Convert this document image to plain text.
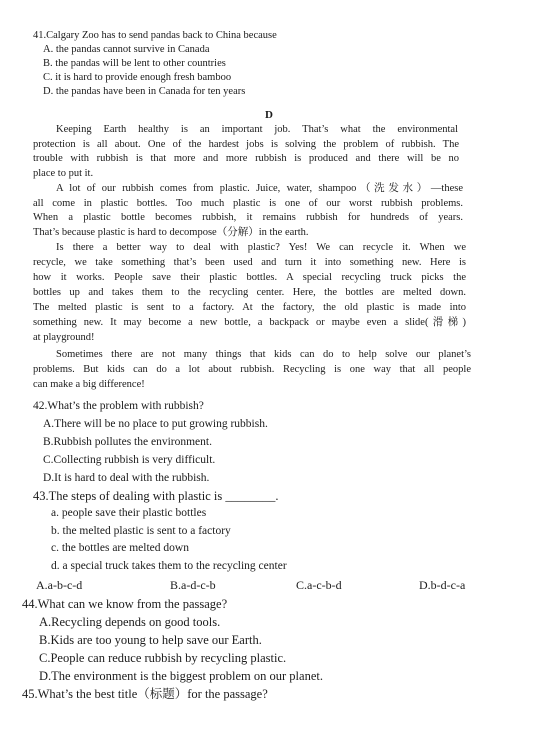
41.Calgary Zoo has to send pandas back to China because
A. the pandas cannot survive in Canada
B. the pandas will be lent to other countries
C. it is hard to provide enough fresh bamboo
D. the pandas have been in Canada for ten years
D
Keeping Earth healthy is an important job. That’s what the environmental
protection is all about. One of the hardest jobs is solving the problem of rubbish. The
trouble with rubbish is that more and more rubbish is produced and there will be no
place to put it.
A lot of our rubbish comes from plastic. Juice, water, shampoo（洗发水）—these
all come in plastic bottles. Too much plastic is one of our worst rubbish problems.
When a plastic bottle becomes rubbish, it remains rubbish for hundreds of years.
That’s because plastic is hard to decompose（分解）in the earth.
Is there a better way to deal with plastic? Yes! We can recycle it. When we
recycle, we take something that’s been used and turn it into something new. Here is
how it works. People save their plastic bottles. A special recycling truck picks the
bottles up and takes them to the recycling center. Here, the bottles are melted down.
The melted plastic is sent to a factory. At the factory, the old plastic is made into
something new. It may become a new bottle, a backpack or maybe even a slide(滑梯)
at playground!
Sometimes there are not many things that kids can do to help solve our planet’s
problems. But kids can do a lot about rubbish. Recycling is one way that all people
can make a big difference!
42.What’s the problem with rubbish?
A.There will be no place to put growing rubbish.
B.Rubbish pollutes the environment.
C.Collecting rubbish is very difficult.
D.It is hard to deal with the rubbish.
43.The steps of dealing with plastic is ________.
a. people save their plastic bottles
b. the melted plastic is sent to a factory
c. the bottles are melted down
d. a special truck takes them to the recycling center
A.a-b-c-d	B.a-d-c-b	C.a-c-b-d	D.b-d-c-a
44.What can we know from the passage?
A.Recycling depends on good tools.
B.Kids are too young to help save our Earth.
C.People can reduce rubbish by recycling plastic.
D.The environment is the biggest problem on our planet.
45.What’s the best title（标题）for the passage?
